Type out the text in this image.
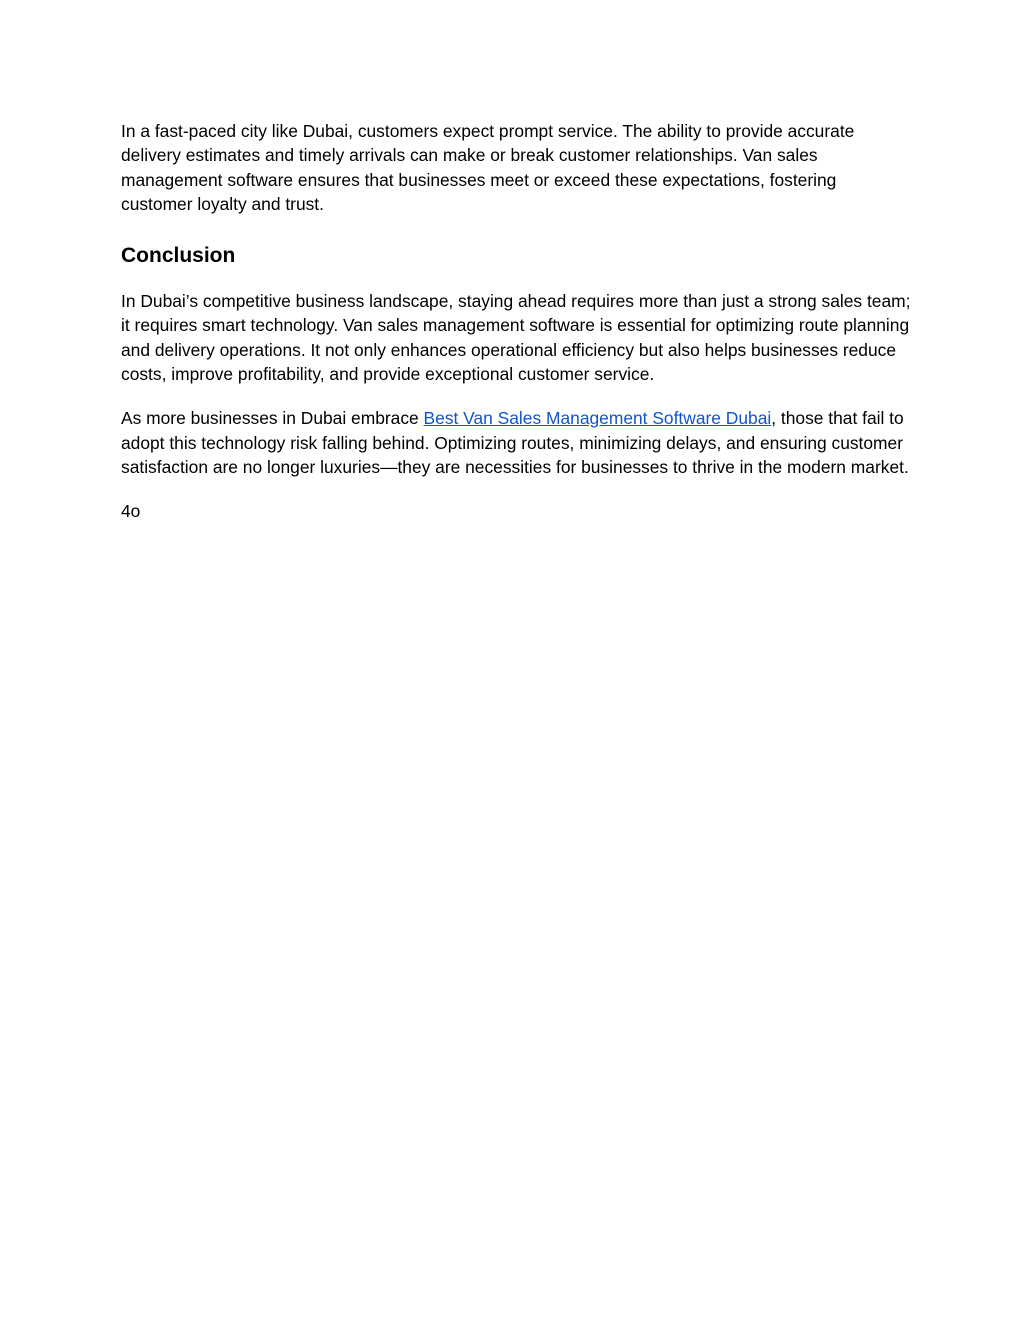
In a fast-paced city like Dubai, customers expect prompt service. The ability to provide accurate delivery estimates and timely arrivals can make or break customer relationships. Van sales management software ensures that businesses meet or exceed these expectations, fostering customer loyalty and trust.

Conclusion

In Dubai’s competitive business landscape, staying ahead requires more than just a strong sales team; it requires smart technology. Van sales management software is essential for optimizing route planning and delivery operations. It not only enhances operational efficiency but also helps businesses reduce costs, improve profitability, and provide exceptional customer service.

As more businesses in Dubai embrace Best Van Sales Management Software Dubai, those that fail to adopt this technology risk falling behind. Optimizing routes, minimizing delays, and ensuring customer satisfaction are no longer luxuries—they are necessities for businesses to thrive in the modern market.

4o
